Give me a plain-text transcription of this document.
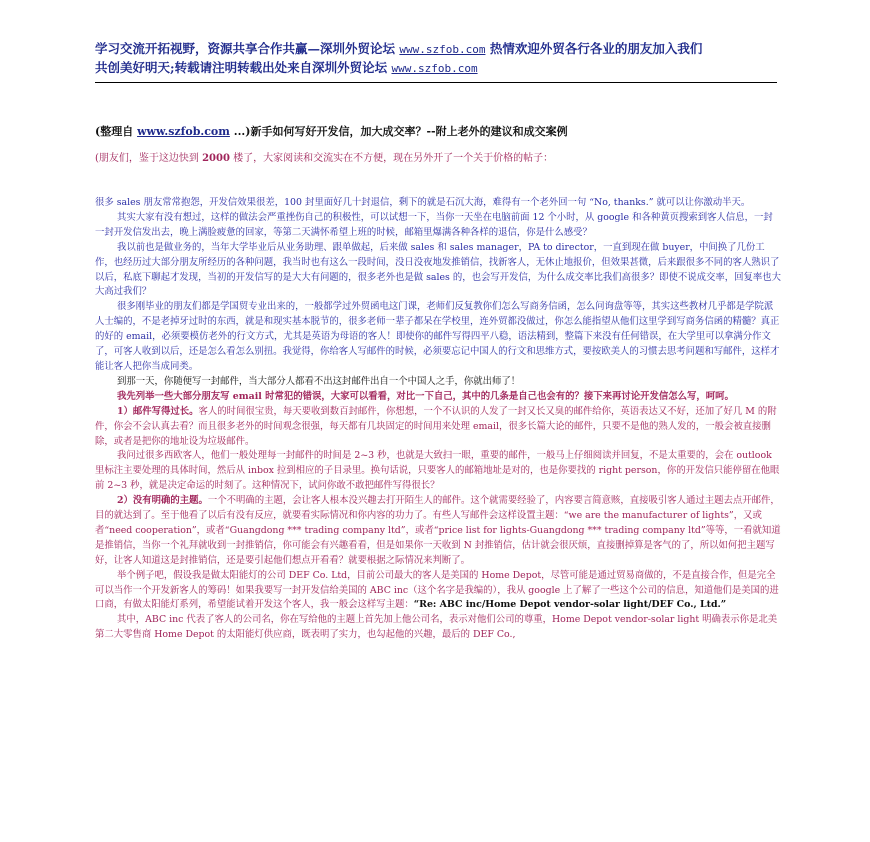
学习交流开拓视野，资源共享合作共赢—深圳外贸论坛 www.szfob.com 热情欢迎外贸各行各业的朋友加入我们
共创美好明天;转载请注明转载出处来自深圳外贸论坛 www.szfob.com
(整理自 www.szfob.com ...)新手如何写好开发信，加大成交率？--附上老外的建议和成交案例
(朋友们，鉴于这边快到 2000 楼了，大家阅读和交流实在不方便，现在另外开了一个关于价格的帖子：

很多 sales 朋友常常抱怨，开发信效果很差，100 封里面好几十封退信，剩下的就是石沉大海，难得有一个老外回一句 “No, thanks.” 就可以让你激动半天。

其实大家有没有想过，这样的做法会严重挫伤自己的积极性，可以试想一下，当你一天坐在电脑前面 12 个小时，从 google 和各种黄页搜索到客人信息，一封一封开发信发出去，晚上满脸疲惫的回家，等第二天满怀希望上班的时候，邮箱里爆满各种各样的退信，你是什么感受？

我以前也是做业务的，当年大学毕业后从业务助理、跟单做起，后来做 sales 和 sales manager，PA to director，一直到现在做 buyer，中间换了几份工作，也经历过大部分朋友所经历的各种问题，我当时也有这么一段时间，没日没夜地发推销信，找新客人，无休止地报价，但效果甚微，后来跟很多不同的客人熟识了以后，私底下聊起才发现，当初的开发信写的是大大有问题的，很多老外也是做 sales 的，也会写开发信，为什么成交率比我们高很多？即使不说成交率，回复率也大大高过我们？

很多刚毕业的朋友们都是学国贸专业出来的，一般都学过外贸函电这门课，老师们反复教你们怎么写商务信函，怎么问询盘等等，其实这些教材几乎都是学院派人士编的，不是老掉牙过时的东西，就是和现实基本脱节的，很多老师一辈子都呆在学校里，连外贸都没做过，你怎么能指望从他们这里学到写商务信函的精髓？真正的好的 email，必须要模仿老外的行文方式，尤其是英语为母语的客人！即使你的邮件写得四平八稳，语法精到，整篇下来没有任何错误，在大学里可以拿满分作文了，可客人收到以后，还是怎么看怎么别扭。我觉得，你给客人写邮件的时候，必须要忘记中国人的行文和思维方式，要按欧美人的习惯去思考问题和写邮件，这样才能让客人把你当成同类。

到那一天，你随便写一封邮件，当大部分人都看不出这封邮件出自一个中国人之手，你就出师了！

我先列举一些大部分朋友写 email 时常犯的错误，大家可以看看，对比一下自己，其中的几条是自己也会有的？接下来再讨论开发信怎么写，呵呵。

1）邮件写得过长。客人的时间很宝贵，每天要收到数百封邮件，你想想，一个不认识的人发了一封又长又臭的邮件给你，英语表达又不好，还加了好几 M 的附件，你会不会认真去看？而且很多老外的时间观念很强，每天都有几块固定的时间用来处理 email，很多长篇大论的邮件，只要不是他的熟人发的，一般会被直接删除，或者是把你的地址设为垃圾邮件。

我问过很多西欧客人，他们一般处理每一封邮件的时间是 2~3 秒，也就是大致扫一眼，重要的邮件，一般马上仔细阅读并回复，不是太重要的，会在 outlook 里标注主要处理的具体时间，然后从 inbox 拉到相应的子目录里。换句话说，只要客人的邮箱地址是对的，也是你要找的 right person，你的开发信只能停留在他眼前 2~3 秒，就是决定命运的时刻了。这种情况下，试问你敢不敢把邮件写得很长？

2）没有明确的主题。一个不明确的主题，会让客人根本没兴趣去打开陌生人的邮件。这个就需要经验了，内容要言简意赅，直接吸引客人通过主题去点开邮件，目的就达到了。至于他看了以后有没有反应，就要看实际情况和你内容的功力了。有些人写邮件会这样设置主题：“we are the manufacturer of lights”，又或者“need cooperation”，或者“Guangdong *** trading company ltd”，或者“price list for lights-Guangdong *** trading company ltd”等等，一看就知道是推销信，当你一个礼拜就收到一封推销信，你可能会有兴趣看看，但是如果你一天收到 N 封推销信，估计就会很厌烦，直接删掉算是客气的了，所以如何把主题写好，让客人知道这是封推销信，还是要引起他们想点开看看？就要根据之际情况来判断了。

举个例子吧，假设我是做太阳能灯的公司 DEF Co. Ltd，目前公司最大的客人是美国的 Home Depot，尽管可能是通过贸易商做的，不是直接合作，但是完全可以当作一个开发新客人的筹码！如果我要写一封开发信给美国的 ABC inc（这个名字是我编的），我从 google 上了解了一些这个公司的信息，知道他们是美国的进口商，有做太阳能灯系列，希望能试着开发这个客人，我一般会这样写主题：“Re: ABC inc/Home Depot vendor-solar light/DEF Co., Ltd.”

其中，ABC inc 代表了客人的公司名，你在写给他的主题上首先加上他公司名，表示对他们公司的尊重，Home Depot vendor-solar light 明确表示你是北美第二大零售商 Home Depot 的太阳能灯供应商，既表明了实力，也勾起他的兴趣，最后的 DEF Co.,
